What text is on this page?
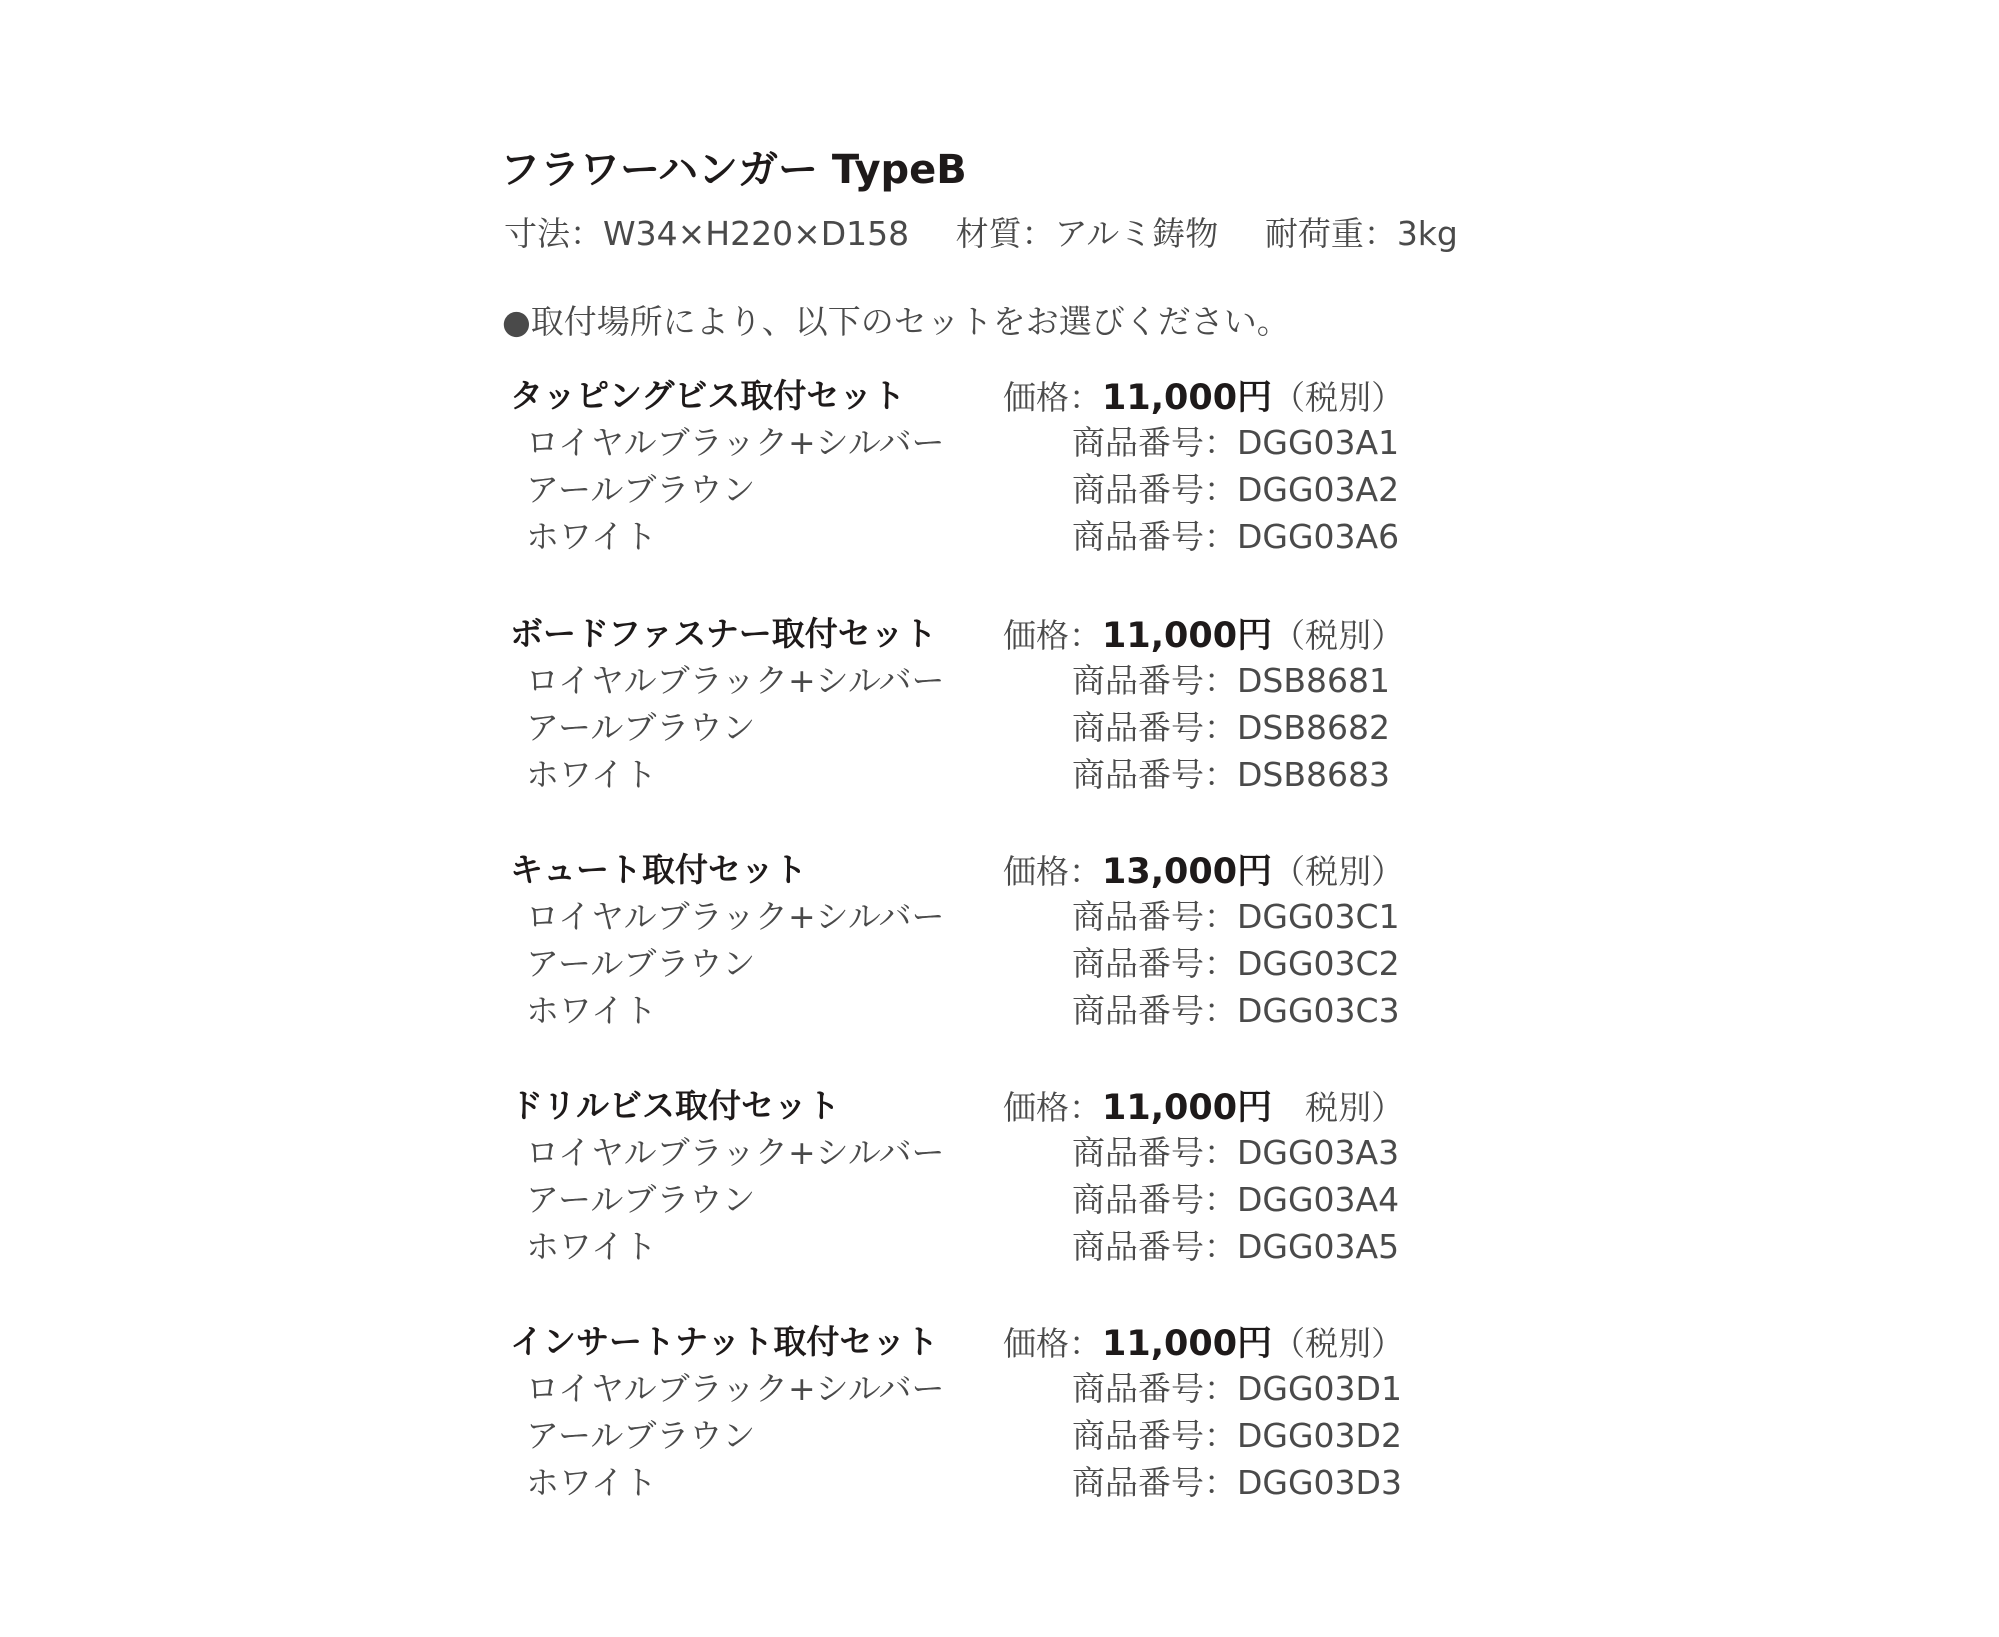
フラワーハンガー TypeB
寸法：W34×H220×D158 材質：アルミ鋳物 耐荷重：3kg
●取付場所により、以下のセットをお選びください。
タッピングビス取付セット	価格：11,000円（税別）
ロイヤルブラック+シルバー	商品番号：DGG03A1
アールブラウン	商品番号：DGG03A2
ホワイト	商品番号：DGG03A6
ボードファスナー取付セット 価格：11,000円（税別）
ロイヤルブラック+シルバー	商品番号：DSB8681
アールブラウン	商品番号：DSB8682
ホワイト	商品番号：DSB8683
キュート取付セット	価格：13,000円（税別）
ロイヤルブラック+シルバー	商品番号：DGG03C1
アールブラウン	商品番号：DGG03C2
ホワイト	商品番号：DGG03C3
ドリルビス取付セット	価格：11,000円　税別）
ロイヤルブラック+シルバー	商品番号：DGG03A3
アールブラウン	商品番号：DGG03A4
ホワイト	商品番号：DGG03A5
インサートナット取付セット 価格：11,000円（税別）
ロイヤルブラック+シルバー	商品番号：DGG03D1
アールブラウン	商品番号：DGG03D2
ホワイト	商品番号：DGG03D3
